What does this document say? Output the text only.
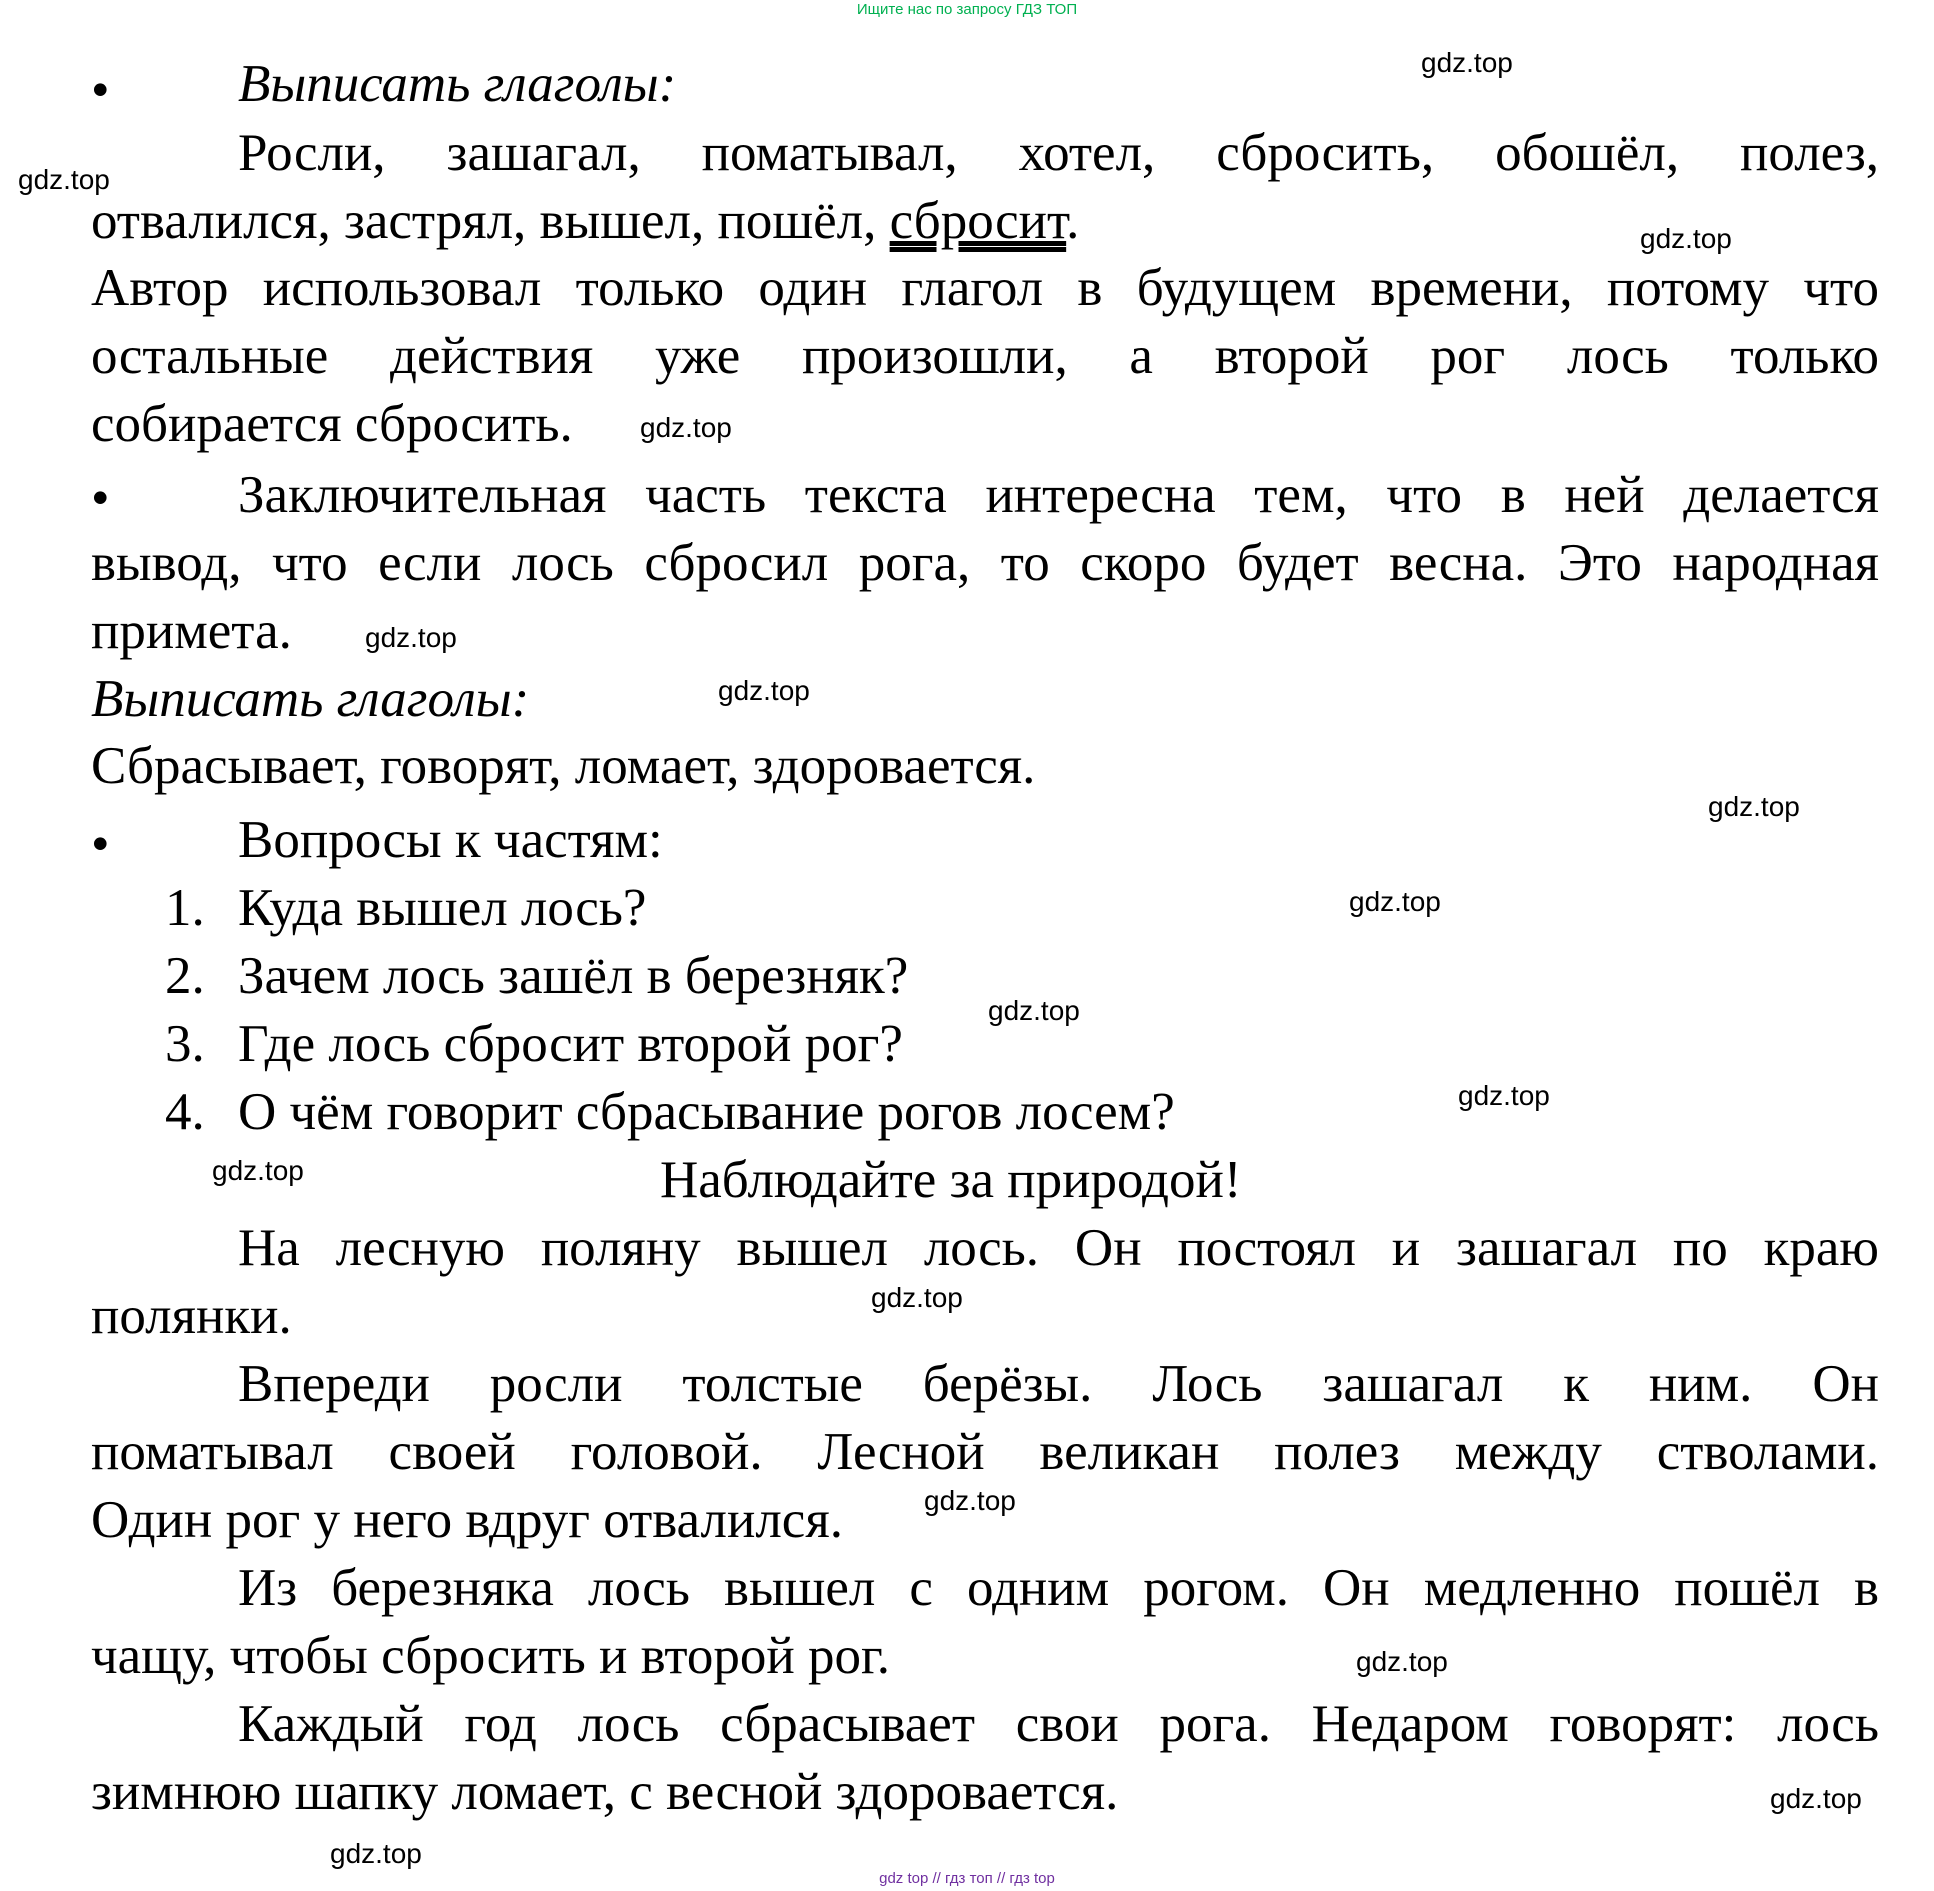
Ищите нас по запросу ГДЗ ТОП
gdz.top
gdz.top
gdz.top
gdz.top
gdz.top
gdz.top
gdz.top
gdz.top
gdz.top
gdz.top
gdz.top
gdz.top
gdz.top
gdz.top
gdz.top
gdz.top
• Выписать глаголы:
Росли, зашагал, поматывал, хотел, сбросить, обошёл, полез,
отвалился, застрял, вышел, пошёл, сбросит.
Автор использовал только один глагол в будущем времени, потому что
остальные действия уже произошли, а второй рог лось только
собирается сбросить.
• Заключительная часть текста интересна тем, что в ней делается
вывод, что если лось сбросил рога, то скоро будет весна. Это народная
примета.
Выписать глаголы:
Сбрасывает, говорят, ломает, здоровается.
• Вопросы к частям:
1. Куда вышел лось?
2. Зачем лось зашёл в березняк?
3. Где лось сбросит второй рог?
4. О чём говорит сбрасывание рогов лосем?
Наблюдайте за природой!
На лесную поляну вышел лось. Он постоял и зашагал по краю
полянки.
Впереди росли толстые берёзы. Лось зашагал к ним. Он
поматывал своей головой. Лесной великан полез между стволами.
Один рог у него вдруг отвалился.
Из березняка лось вышел с одним рогом. Он медленно пошёл в
чащу, чтобы сбросить и второй рог.
Каждый год лось сбрасывает свои рога. Недаром говорят: лось
зимнюю шапку ломает, с весной здоровается.
gdz top // гдз топ // гдз top
